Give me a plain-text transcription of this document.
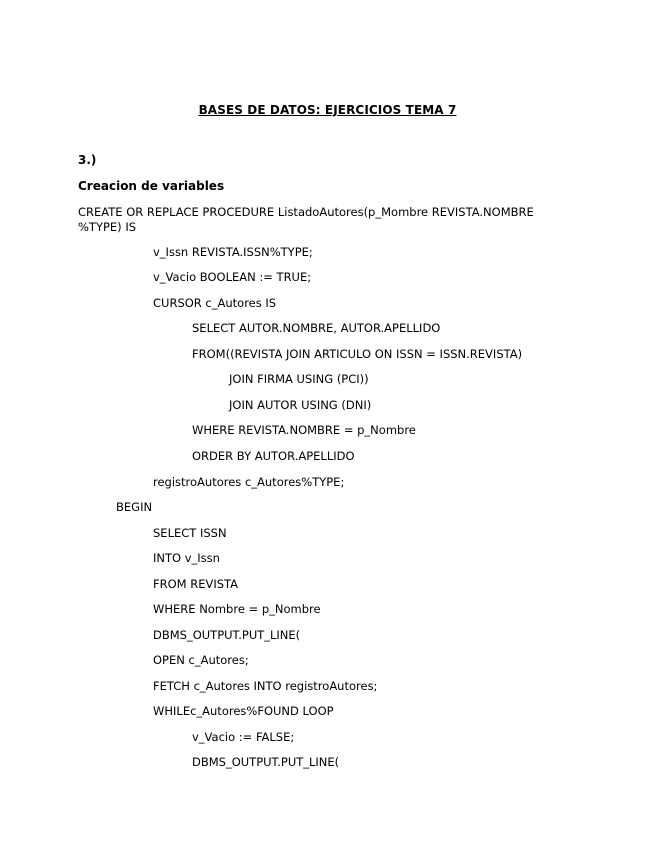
BASES DE DATOS: EJERCICIOS TEMA 7
3.)
Creacion de variables
CREATE OR REPLACE PROCEDURE ListadoAutores(p_Mombre REVISTA.NOMBRE %TYPE) IS
v_Issn REVISTA.ISSN%TYPE;
v_Vacio BOOLEAN := TRUE;
CURSOR c_Autores IS
SELECT AUTOR.NOMBRE, AUTOR.APELLIDO
FROM((REVISTA JOIN ARTICULO ON ISSN = ISSN.REVISTA)
JOIN FIRMA USING (PCI))
JOIN AUTOR USING (DNI)
WHERE REVISTA.NOMBRE = p_Nombre
ORDER BY AUTOR.APELLIDO
registroAutores c_Autores%TYPE;
BEGIN
SELECT ISSN
INTO v_Issn
FROM REVISTA
WHERE Nombre = p_Nombre
DBMS_OUTPUT.PUT_LINE(
OPEN c_Autores;
FETCH c_Autores INTO registroAutores;
WHILEc_Autores%FOUND LOOP
v_Vacio := FALSE;
DBMS_OUTPUT.PUT_LINE(
